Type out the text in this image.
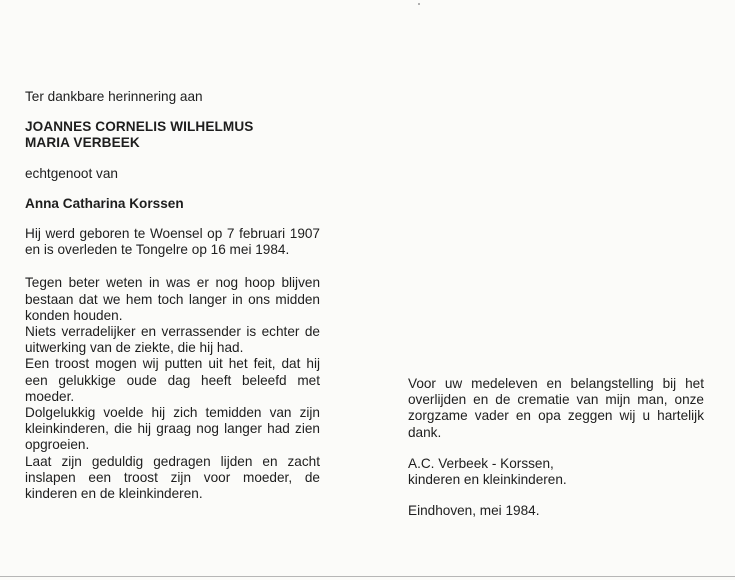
Ter dankbare herinnering aan

JOANNES CORNELIS WILHELMUS
MARIA VERBEEK

echtgenoot van

Anna Catharina Korssen

Hij werd geboren te Woensel op 7 februari 1907 en is overleden te Tongelre op 16 mei 1984.

Tegen beter weten in was er nog hoop blijven bestaan dat we hem toch langer in ons midden konden houden.

Niets verradelijker en verrassender is echter de uitwerking van de ziekte, die hij had.

Een troost mogen wij putten uit het feit, dat hij een gelukkige oude dag heeft beleefd met moeder.

Dolgelukkig voelde hij zich temidden van zijn kleinkinderen, die hij graag nog langer had zien opgroeien.

Laat zijn geduldig gedragen lijden en zacht inslapen een troost zijn voor moeder, de kinderen en de kleinkinderen.

Voor uw medeleven en belangstelling bij het overlijden en de crematie van mijn man, onze zorgzame vader en opa zeggen wij u hartelijk dank.

A.C. Verbeek - Korssen,
kinderen en kleinkinderen.

Eindhoven, mei 1984.
